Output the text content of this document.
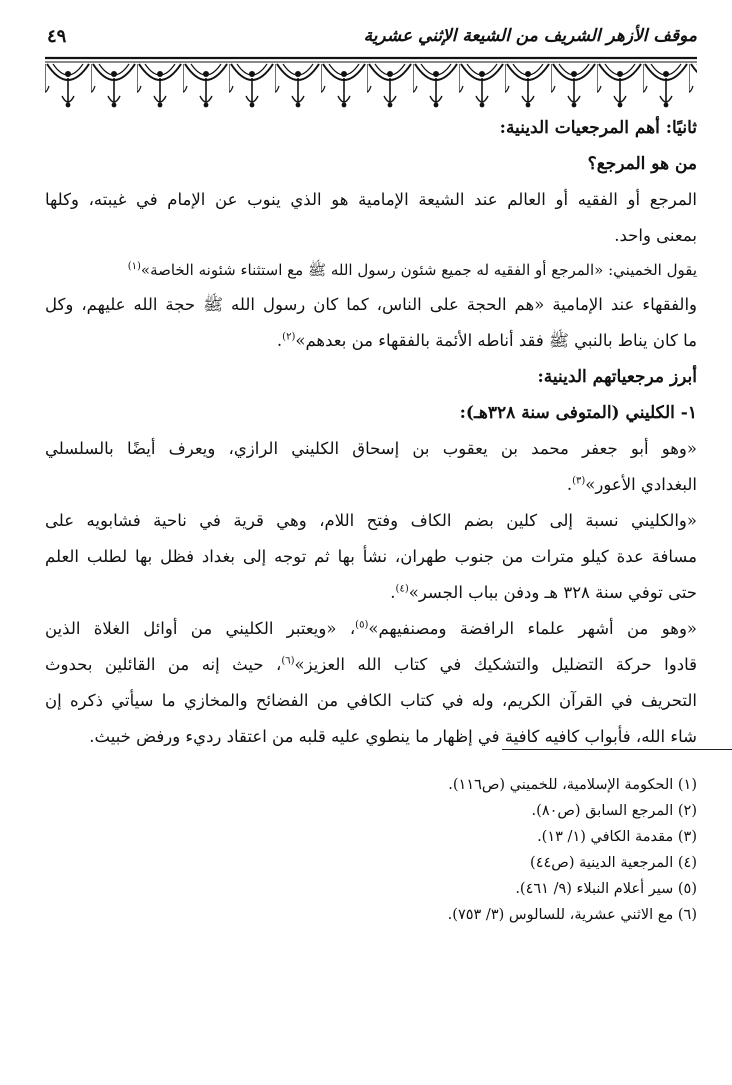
موقف الأزهر الشريف من الشيعة الإثني عشرية
٤٩
ثانيًا: أهم المرجعيات الدينية:
من هو المرجع؟
المرجع أو الفقيه أو العالم عند الشيعة الإمامية هو الذي ينوب عن الإمام في غيبته، وكلها
بمعنى واحد.
يقول الخميني: «المرجع أو الفقيه له جميع شئون رسول الله ﷺ مع استثناء شئونه الخاصة»$^{(١)}$
والفقهاء عند الإمامية «هم الحجة على الناس، كما كان رسول الله ﷺ حجة الله عليهم، وكل
ما كان يناط بالنبي ﷺ فقد أناطه الأئمة بالفقهاء من بعدهم»$^{(٢)}$.
أبرز مرجعياتهم الدينية:
١- الكليني (المتوفى سنة ٣٢٨هـ):
«وهو أبو جعفر محمد بن يعقوب بن إسحاق الكليني الرازي، ويعرف أيضًا بالسلسلي
البغدادي الأعور»$^{(٣)}$.
«والكليني نسبة إلى كلين بضم الكاف وفتح اللام، وهي قرية في ناحية فشابويه على
مسافة عدة كيلو مترات من جنوب طهران، نشأ بها ثم توجه إلى بغداد فظل بها لطلب العلم
حتى توفي سنة ٣٢٨ هـ ودفن بباب الجسر»$^{(٤)}$.
«وهو من أشهر علماء الرافضة ومصنفيهم»$^{(٥)}$، «ويعتبر الكليني من أوائل الغلاة الذين
قادوا حركة التضليل والتشكيك في كتاب الله العزيز»$^{(٦)}$، حيث إنه من القائلين بحدوث
التحريف في القرآن الكريم، وله في كتاب الكافي من الفضائح والمخازي ما سيأتي ذكره إن
شاء الله، فأبواب كافيه كافية في إظهار ما ينطوي عليه قلبه من اعتقاد رديء ورفض خبيث.
(١) الحكومة الإسلامية، للخميني (ص١١٦).
(٢) المرجع السابق (ص٨٠).
(٣) مقدمة الكافي (١/ ١٣).
(٤) المرجعية الدينية (ص٤٤)
(٥) سير أعلام النبلاء (٩/ ٤٦١).
(٦) مع الاثني عشرية، للسالوس (٣/ ٧٥٣).
